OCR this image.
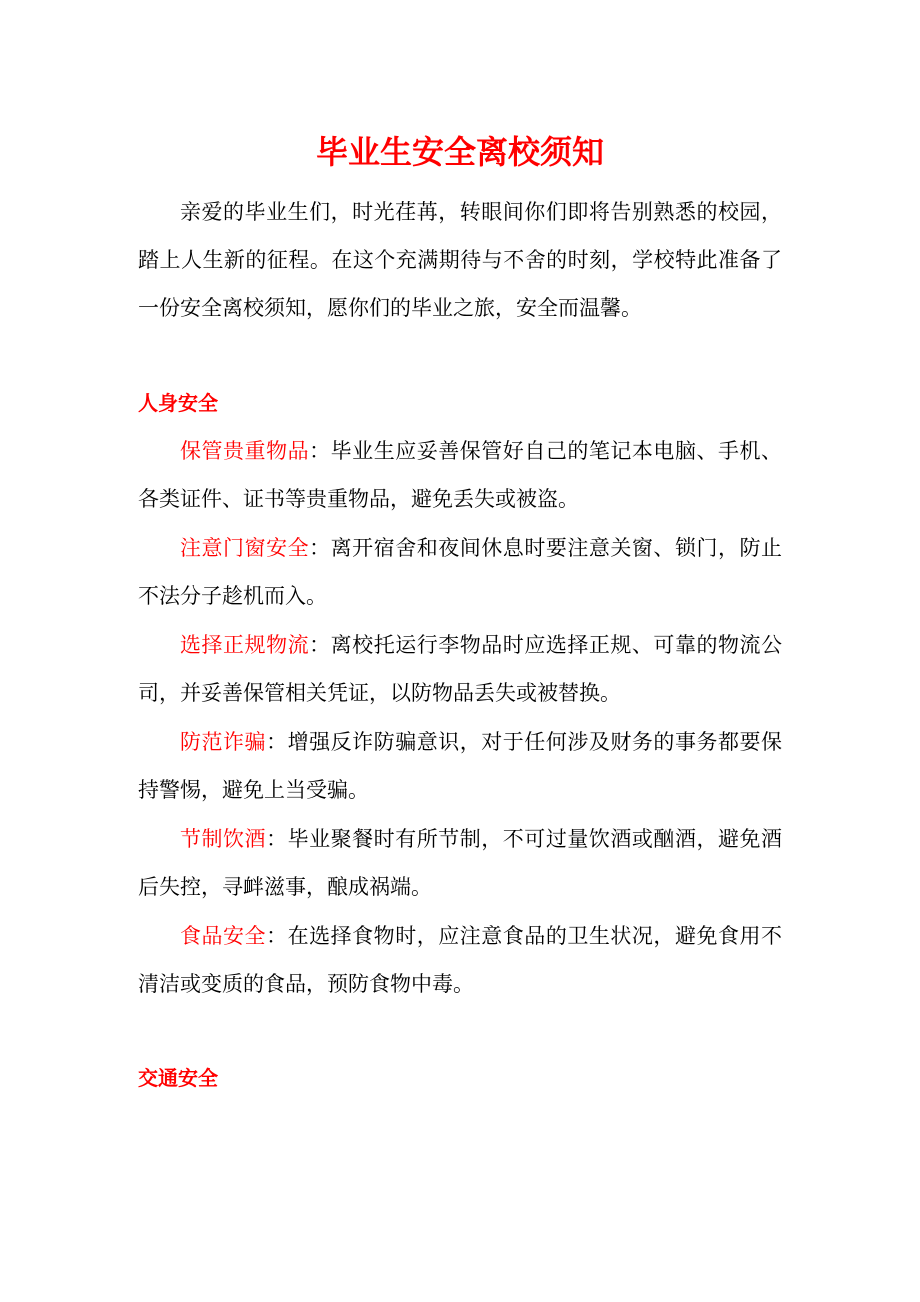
毕业生安全离校须知

亲爱的毕业生们，时光荏苒，转眼间你们即将告别熟悉的校园，踏上人生新的征程。在这个充满期待与不舍的时刻，学校特此准备了一份安全离校须知，愿你们的毕业之旅，安全而温馨。

人身安全

保管贵重物品：毕业生应妥善保管好自己的笔记本电脑、手机、各类证件、证书等贵重物品，避免丢失或被盗。

注意门窗安全：离开宿舍和夜间休息时要注意关窗、锁门，防止不法分子趁机而入。

选择正规物流：离校托运行李物品时应选择正规、可靠的物流公司，并妥善保管相关凭证，以防物品丢失或被替换。

防范诈骗：增强反诈防骗意识，对于任何涉及财务的事务都要保持警惕，避免上当受骗。

节制饮酒：毕业聚餐时有所节制，不可过量饮酒或酗酒，避免酒后失控，寻衅滋事，酿成祸端。

食品安全：在选择食物时，应注意食品的卫生状况，避免食用不清洁或变质的食品，预防食物中毒。

交通安全
